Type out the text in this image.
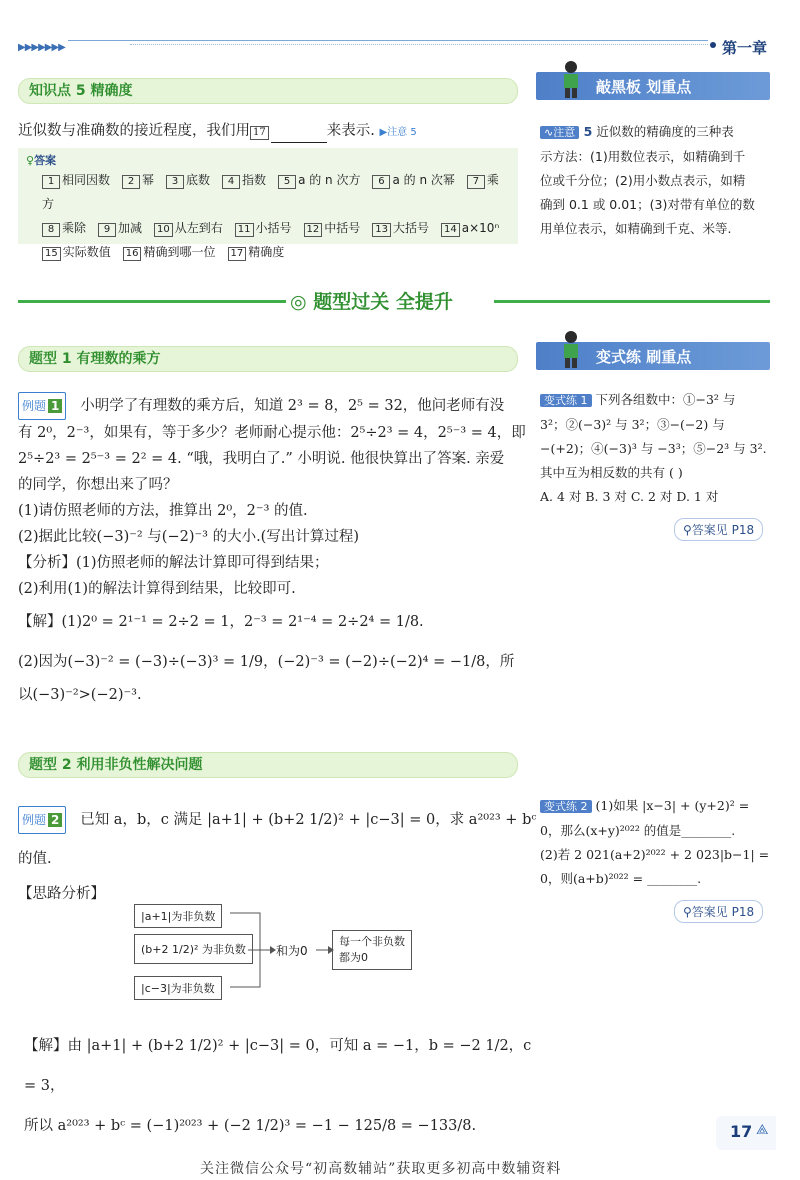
▶▶▶▶▶▶▶	第一章
知识点 5 精确度
近似数与准确数的接近程度，我们用 17	来表示. ▶注意 5
♀答案
1 相同因数 2 幂 3 底数 4 指数 5 a 的 n 次方 6 a 的 n 次幂 7 乘方
8 乘除 9 加减 10 从左到右 11 小括号 12 中括号 13 大括号 14 a×10ⁿ
15 实际数值 16 精确到哪一位 17 精确度
敲黑板 划重点
∿注意 5 近似数的精确度的三种表
示方法：(1)用数位表示，如精确到千
位或千分位；(2)用小数点表示，如精
确到 0.1 或 0.01；(3)对带有单位的数
用单位表示，如精确到千克、米等.
◎ 题型过关 全提升
题型 1 有理数的乘方

例题 1 小明学了有理数的乘方后，知道 2³ = 8，2⁵ = 32，他问老师有没

有 2⁰，2⁻³，如果有，等于多少？老师耐心提示他：2⁵÷2³ = 4，2⁵⁻³ = 4，即

2⁵÷2³ = 2⁵⁻³ = 2² = 4. “哦，我明白了.” 小明说. 他很快算出了答案. 亲爱

的同学，你想出来了吗？

(1)请仿照老师的方法，推算出 2⁰，2⁻³ 的值.

(2)据此比较(−3)⁻² 与(−2)⁻³ 的大小.(写出计算过程)

【分析】(1)仿照老师的解法计算即可得到结果；

(2)利用(1)的解法计算得到结果，比较即可.

【解】(1)2⁰ = 2¹⁻¹ = 2÷2 = 1，2⁻³ = 2¹⁻⁴ = 2÷2⁴ = 1/8.

(2)因为(−3)⁻² = (−3)÷(−3)³ = 1/9，(−2)⁻³ = (−2)÷(−2)⁴ = −1/8，所

以(−3)⁻²>(−2)⁻³.

变式练 刷重点
变式练 1 下列各组数中：①−3² 与
3²；②(−3)² 与 3²；③−(−2) 与
−(+2)；④(−3)³ 与 −3³；⑤−2³ 与 3².
其中互为相反数的共有 ( )
A. 4 对 B. 3 对 C. 2 对 D. 1 对
⚲答案见 P18
题型 2 利用非负性解决问题

例题 2 已知 a，b，c 满足 |a+1| + (b+2 1/2)² + |c−3| = 0，求 a²⁰²³ + bᶜ

的值.

【思路分析】

|a+1|为非负数
(b+2 1/2)² 为非负数
|c−3|为非负数
和为0
每一个非负数
都为0

【解】由 |a+1| + (b+2 1/2)² + |c−3| = 0，可知 a = −1，b = −2 1/2，c = 3，

所以 a²⁰²³ + bᶜ = (−1)²⁰²³ + (−2 1/2)³ = −1 − 125/8 = −133/8.

变式练 2 (1)如果 |x−3| + (y+2)² =
0，那么(x+y)²⁰²² 的值是________.
(2)若 2 021(a+2)²⁰²² + 2 023|b−1| =
0，则(a+b)²⁰²² = ________.
⚲答案见 P18
17 ⟁
关注微信公众号“初高数辅站”获取更多初高中数辅资料
